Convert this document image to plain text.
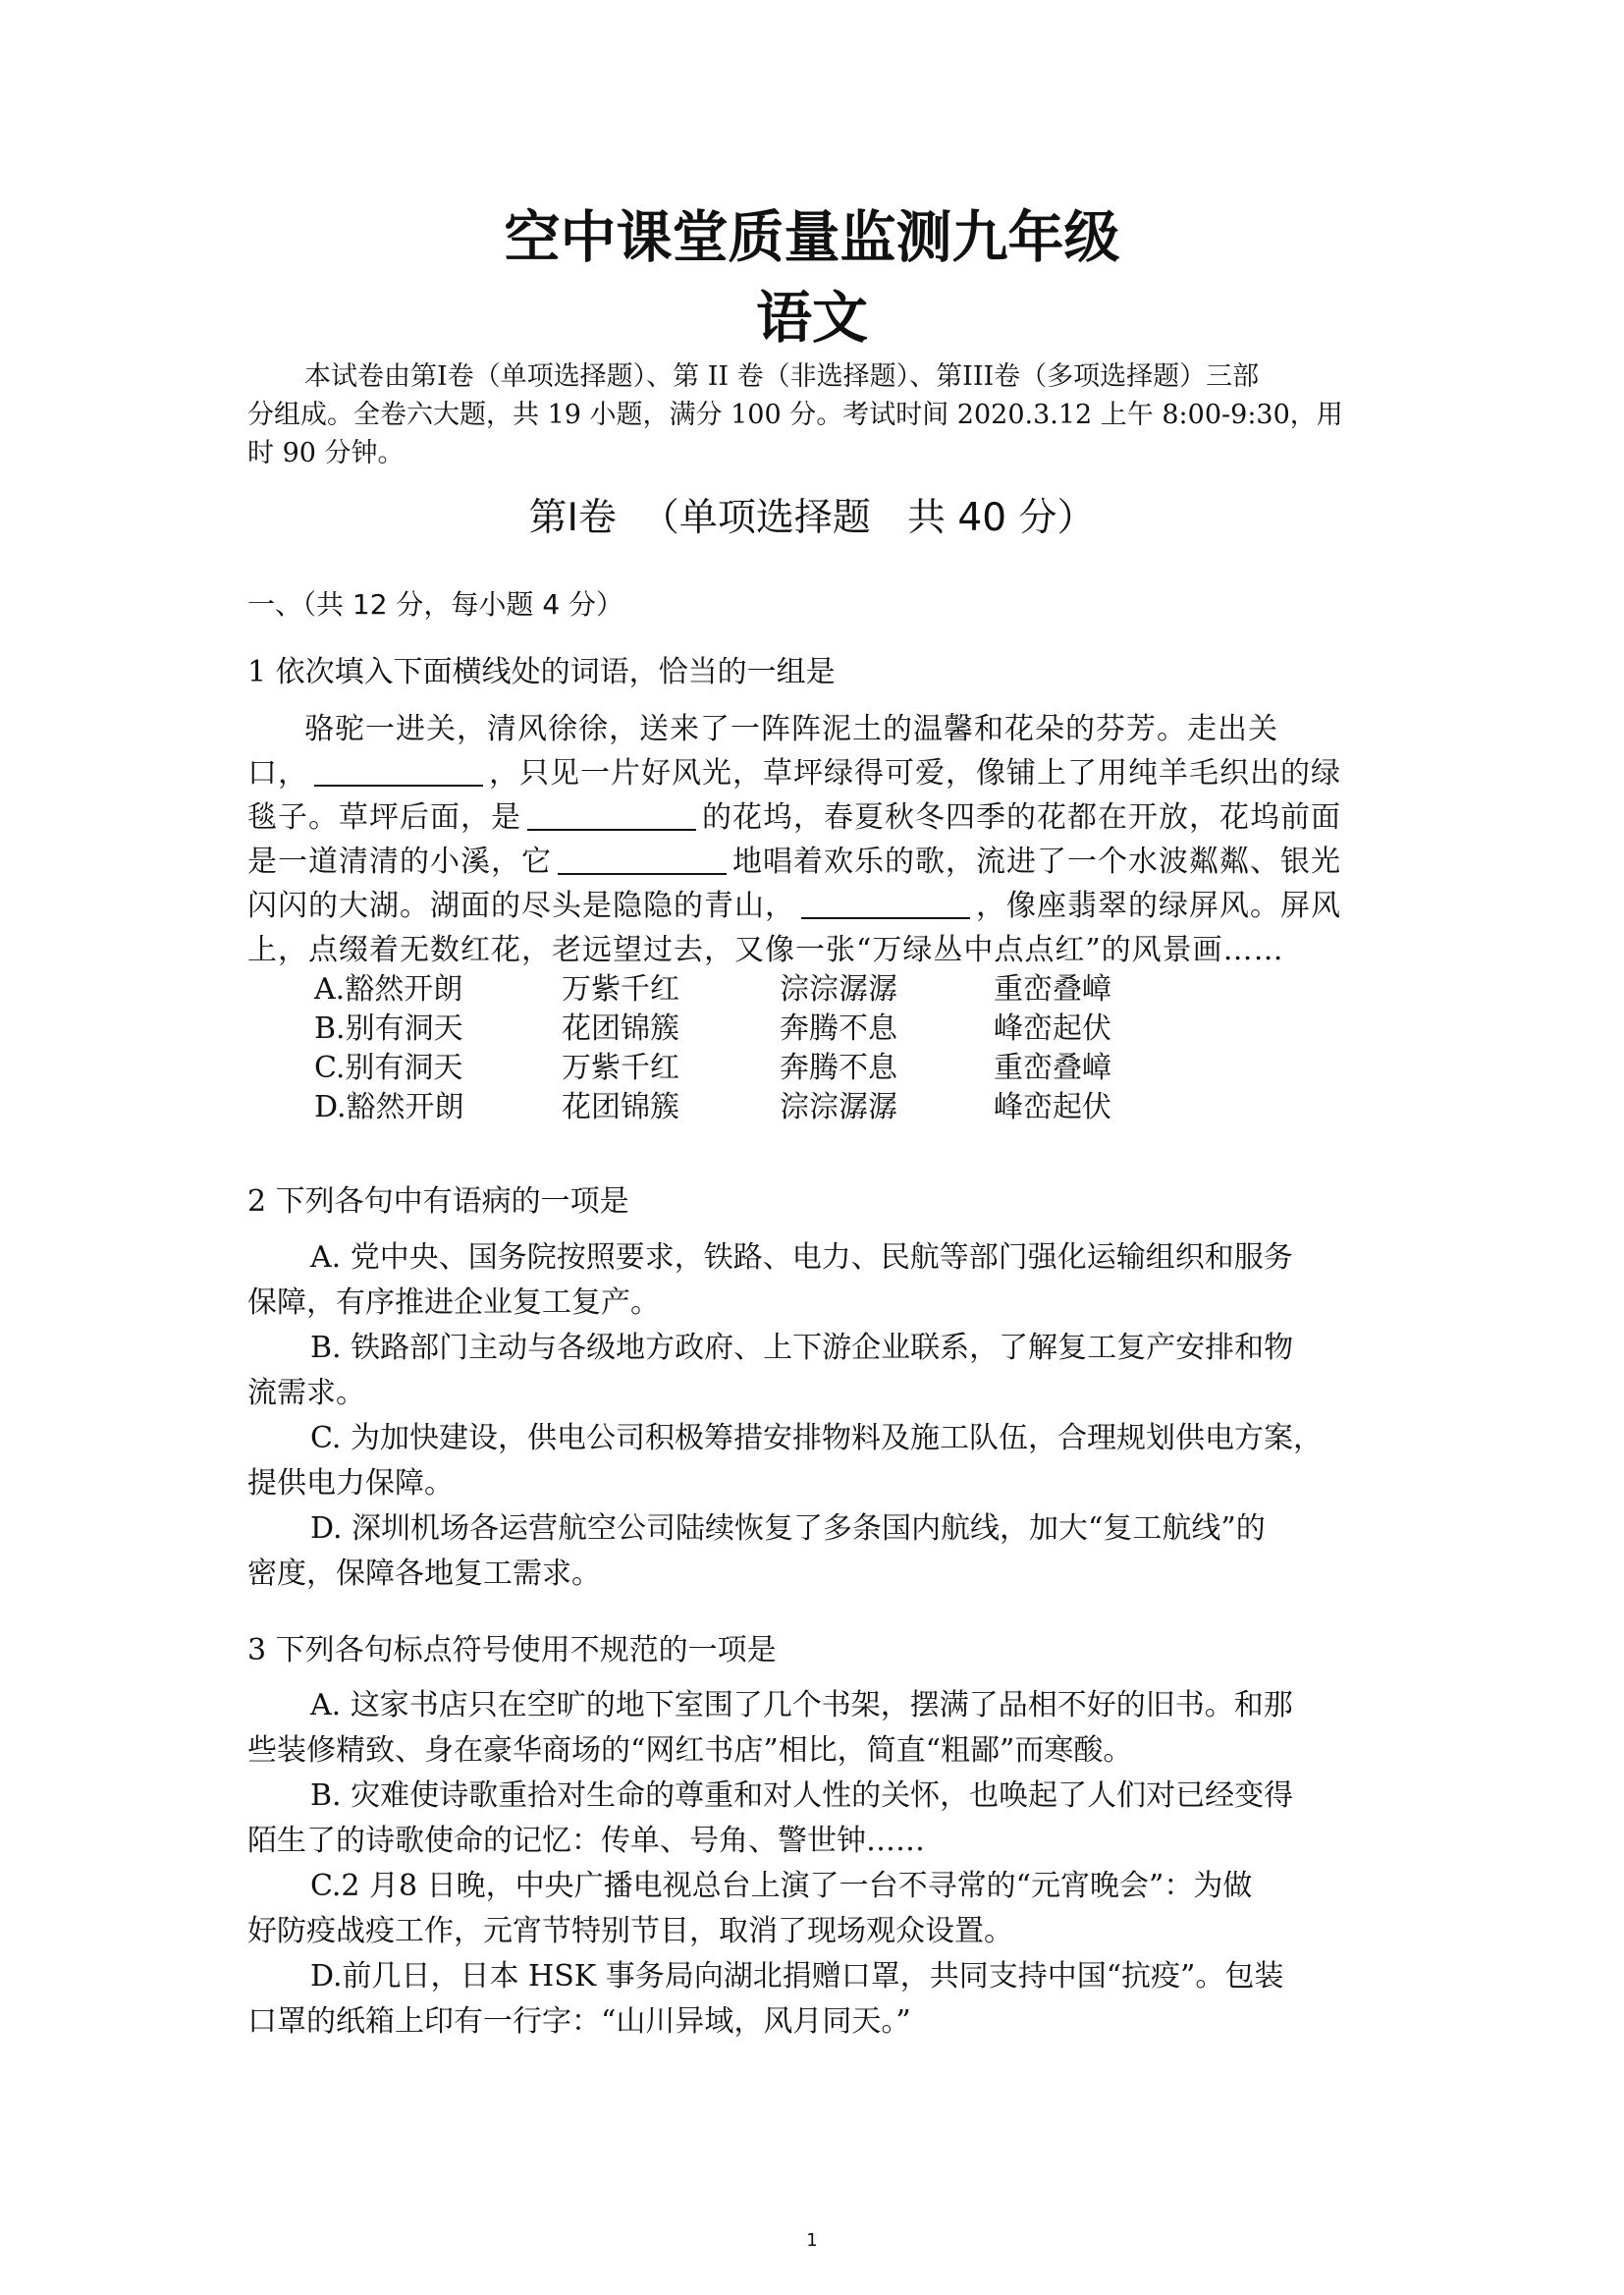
空中课堂质量监测九年级
语文
本试卷由第Ⅰ卷（单项选择题）、第 II 卷（非选择题）、第III卷（多项选择题）三部
分组成。全卷六大题，共 19 小题，满分 100 分。考试时间 2020.3.12 上午 8:00-9:30，用
时 90 分钟。
第Ⅰ卷  （单项选择题   共 40 分）
一、（共 12 分，每小题 4 分）
1 依次填入下面横线处的词语，恰当的一组是
骆驼一进关，清风徐徐，送来了一阵阵泥土的温馨和花朵的芬芳。走出关
口，	，只见一片好风光，草坪绿得可爱，像铺上了用纯羊毛织出的绿
毯子。草坪后面，是	的花坞，春夏秋冬四季的花都在开放，花坞前面
是一道清清的小溪，它	地唱着欢乐的歌，流进了一个水波粼粼、银光
闪闪的大湖。湖面的尽头是隐隐的青山，	，像座翡翠的绿屏风。屏风
上，点缀着无数红花，老远望过去，又像一张“万绿丛中点点红”的风景画……
A.豁然开朗	万紫千红	淙淙潺潺	重峦叠嶂
B.别有洞天	花团锦簇	奔腾不息	峰峦起伏
C.别有洞天	万紫千红	奔腾不息	重峦叠嶂
D.豁然开朗	花团锦簇	淙淙潺潺	峰峦起伏
2 下列各句中有语病的一项是
A. 党中央、国务院按照要求，铁路、电力、民航等部门强化运输组织和服务
保障，有序推进企业复工复产。
B. 铁路部门主动与各级地方政府、上下游企业联系，了解复工复产安排和物
流需求。
C. 为加快建设，供电公司积极筹措安排物料及施工队伍，合理规划供电方案，
提供电力保障。
D. 深圳机场各运营航空公司陆续恢复了多条国内航线，加大“复工航线”的
密度，保障各地复工需求。
3 下列各句标点符号使用不规范的一项是
A. 这家书店只在空旷的地下室围了几个书架，摆满了品相不好的旧书。和那
些装修精致、身在豪华商场的“网红书店”相比，简直“粗鄙”而寒酸。
B. 灾难使诗歌重拾对生命的尊重和对人性的关怀，也唤起了人们对已经变得
陌生了的诗歌使命的记忆：传单、号角、警世钟……
C.2 月8 日晚，中央广播电视总台上演了一台不寻常的“元宵晚会”：为做
好防疫战疫工作，元宵节特别节目，取消了现场观众设置。
D.前几日，日本 HSK 事务局向湖北捐赠口罩，共同支持中国“抗疫”。包装
口罩的纸箱上印有一行字：“山川异域，风月同天。”
1
